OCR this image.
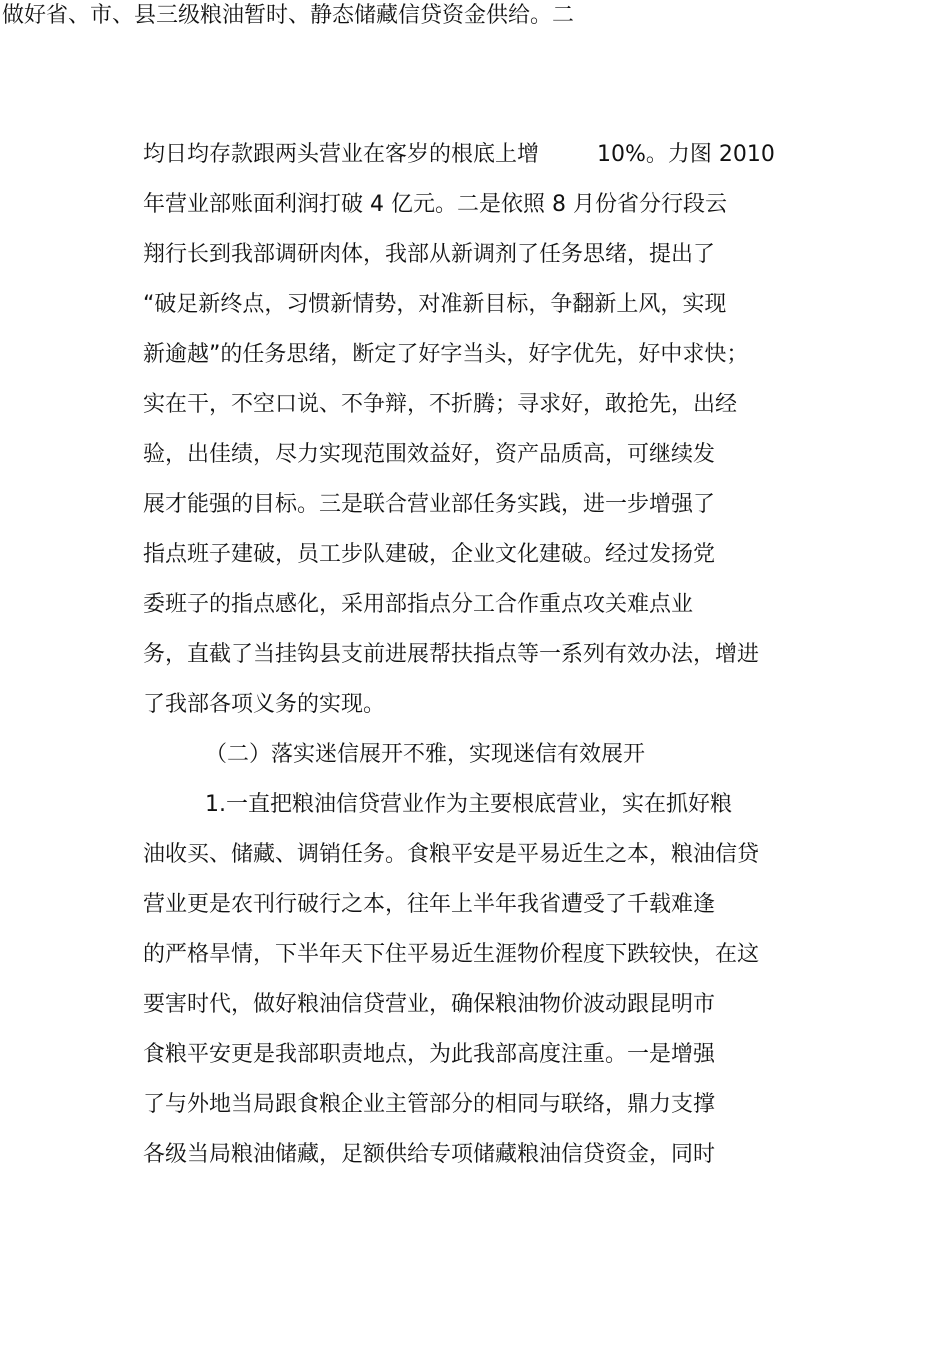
做好省、市、县三级粮油暂时、静态储藏信贷资金供给。二
均日均存款跟两头营业在客岁的根底上增	10%。力图 2010
年营业部账面利润打破 4 亿元。二是依照 8 月份省分行段云
翔行长到我部调研肉体，我部从新调剂了任务思绪，提出了
“破足新终点，习惯新情势，对准新目标，争翻新上风，实现
新逾越”的任务思绪，断定了好字当头，好字优先，好中求快；
实在干，不空口说、不争辩，不折腾；寻求好，敢抢先，出经
验，出佳绩，尽力实现范围效益好，资产品质高，可继续发
展才能强的目标。三是联合营业部任务实践，进一步增强了
指点班子建破，员工步队建破，企业文化建破。经过发扬党
委班子的指点感化，采用部指点分工合作重点攻关难点业
务，直截了当挂钩县支前进展帮扶指点等一系列有效办法，增进
了我部各项义务的实现。
（二）落实迷信展开不雅，实现迷信有效展开
1.一直把粮油信贷营业作为主要根底营业，实在抓好粮
油收买、储藏、调销任务。食粮平安是平易近生之本，粮油信贷
营业更是农刊行破行之本，往年上半年我省遭受了千载难逢
的严格旱情，下半年天下住平易近生涯物价程度下跌较快，在这
要害时代，做好粮油信贷营业，确保粮油物价波动跟昆明市
食粮平安更是我部职责地点，为此我部高度注重。一是增强
了与外地当局跟食粮企业主管部分的相同与联络，鼎力支撑
各级当局粮油储藏，足额供给专项储藏粮油信贷资金，同时
